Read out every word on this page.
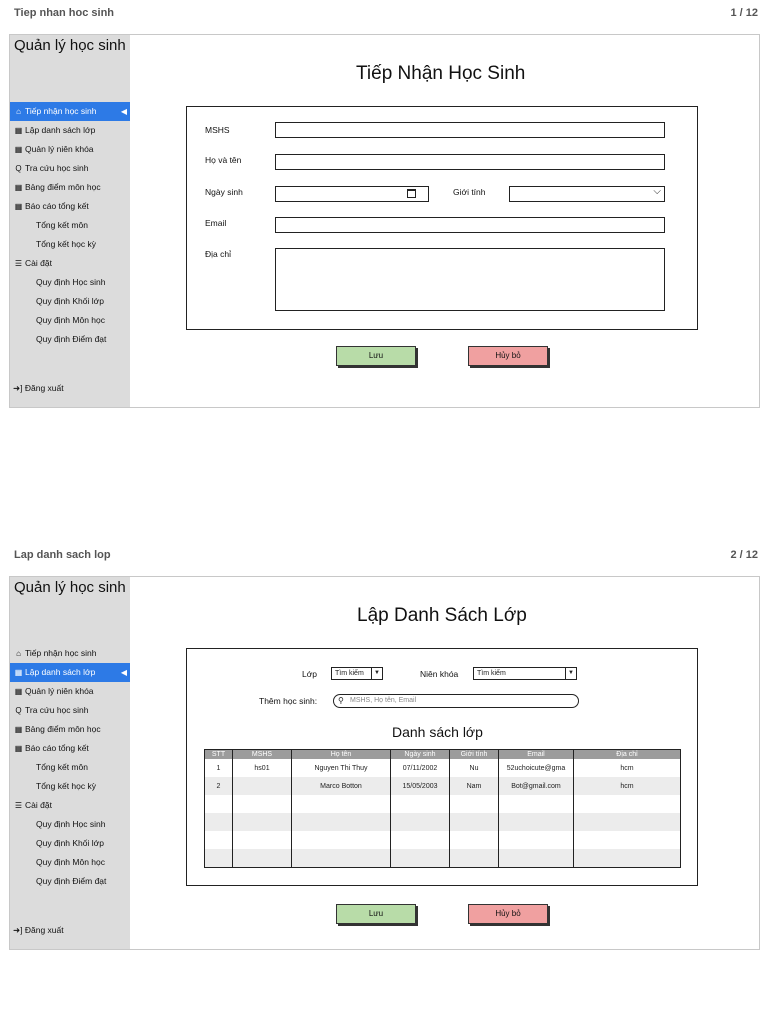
Tiep nhan hoc sinh	1 / 12
Quản lý học sinh
⌂ Tiếp nhận học sinh	◀
▦ Lập danh sách lớp
▦ Quản lý niên khóa
Q Tra cứu học sinh
▦ Bảng điểm môn học
▦ Báo cáo tổng kết
Tổng kết môn
Tổng kết học kỳ
☰ Cài đặt
Quy định Học sinh
Quy định Khối lớp
Quy định Môn học
Quy định Điểm đạt
➜] Đăng xuất
Tiếp Nhận Học Sinh
MSHS
Họ và tên
Ngày sinh	Giới tính	⌵
Email
Địa chỉ
Lưu	Hủy bỏ
Lap danh sach lop	2 / 12
Quản lý học sinh
⌂ Tiếp nhận học sinh
▦ Lập danh sách lớp	◀
▦ Quản lý niên khóa
Q Tra cứu học sinh
▦ Bảng điểm môn học
▦ Báo cáo tổng kết
Tổng kết môn
Tổng kết học kỳ
☰ Cài đặt
Quy định Học sinh
Quy định Khối lớp
Quy định Môn học
Quy định Điểm đạt
➜] Đăng xuất
Lập Danh Sách Lớp
Lớp	Tìm kiếm	▼	Niên khóa	Tìm kiếm	▼
Thêm học sinh:	⚲ MSHS, Họ tên, Email
Danh sách lớp
STT	MSHS	Họ tên	Ngày sinh	Giới tính	Email	Địa chỉ
1	hs01	Nguyen Thi Thuy	07/11/2002	Nu	52uchoicute@gma	hcm
2		Marco Botton	15/05/2003	Nam	Bot@gmail.com	hcm

Lưu	Hủy bỏ
